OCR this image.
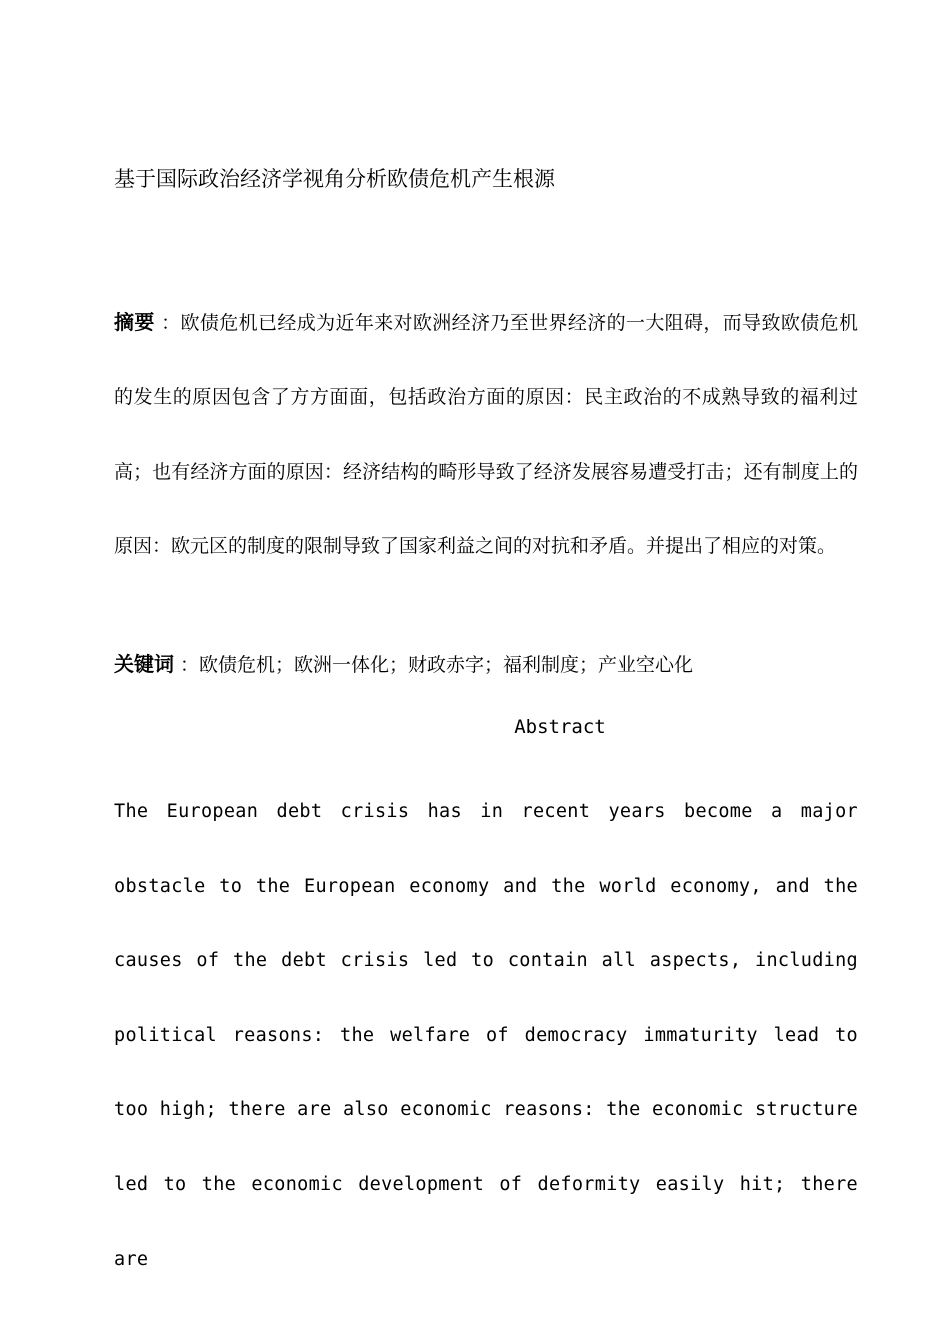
基于国际政治经济学视角分析欧债危机产生根源

摘要 ：欧债危机已经成为近年来对欧洲经济乃至世界经济的一大阻碍，而导致欧债危机的发生的原因包含了方方面面，包括政治方面的原因：民主政治的不成熟导致的福利过高；也有经济方面的原因：经济结构的畸形导致了经济发展容易遭受打击；还有制度上的原因：欧元区的制度的限制导致了国家利益之间的对抗和矛盾。并提出了相应的对策。

关键词 ：欧债危机；欧洲一体化；财政赤字；福利制度；产业空心化

Abstract

The European debt crisis has in recent years become a major obstacle to the European economy and the world economy, and the causes of the debt crisis led to contain all aspects, including political reasons: the welfare of democracy immaturity lead to too high; there are also economic reasons: the economic structure led to the economic development of deformity easily hit; there are
